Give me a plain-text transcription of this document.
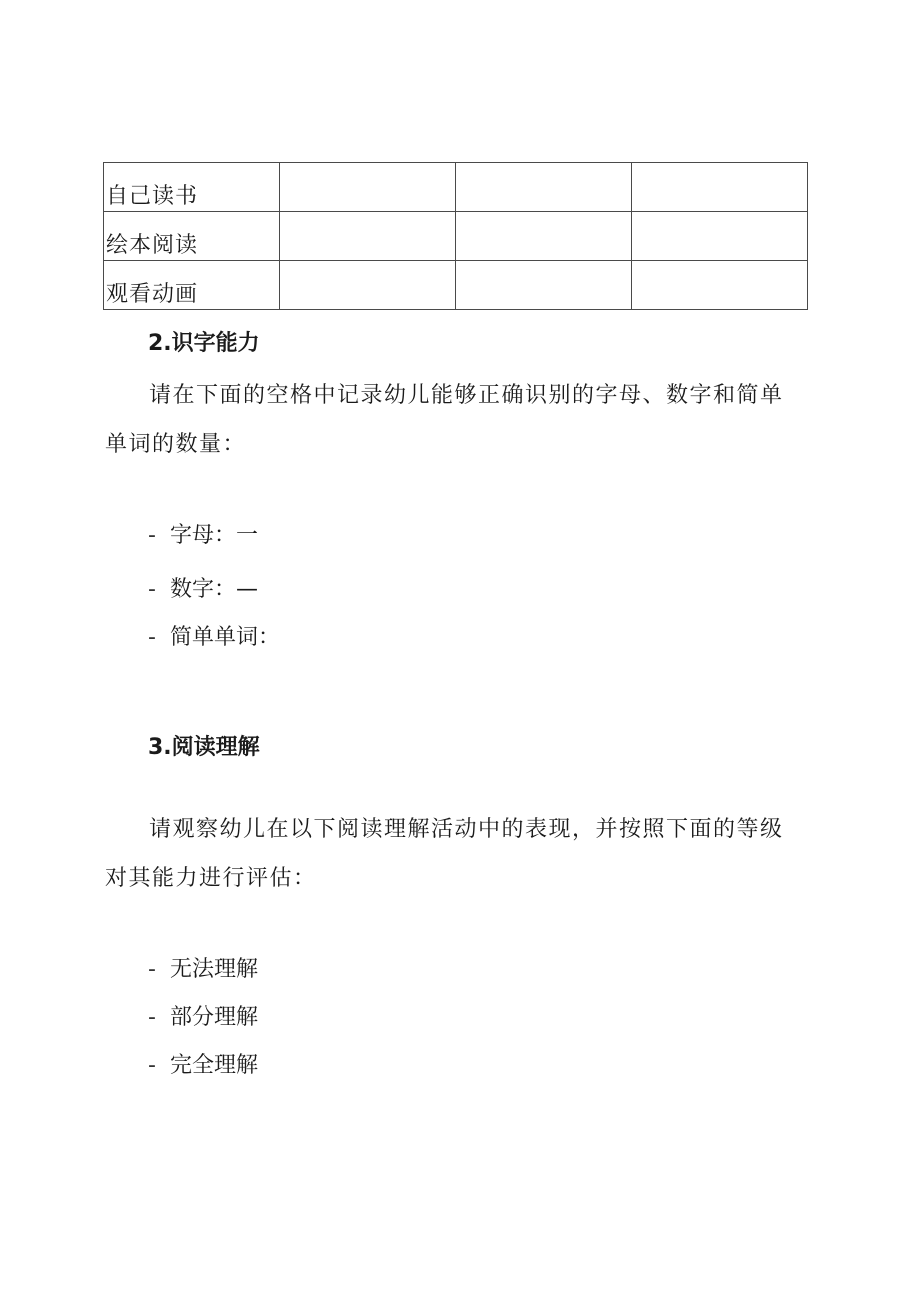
自己读书			

绘本阅读			

观看动画			

2.识字能力

请在下面的空格中记录幼儿能够正确识别的字母、数字和简单单词的数量：

- 字母：一
- 数字：—
- 简单单词：
3.阅读理解

请观察幼儿在以下阅读理解活动中的表现，并按照下面的等级对其能力进行评估：

- 无法理解
- 部分理解
- 完全理解
